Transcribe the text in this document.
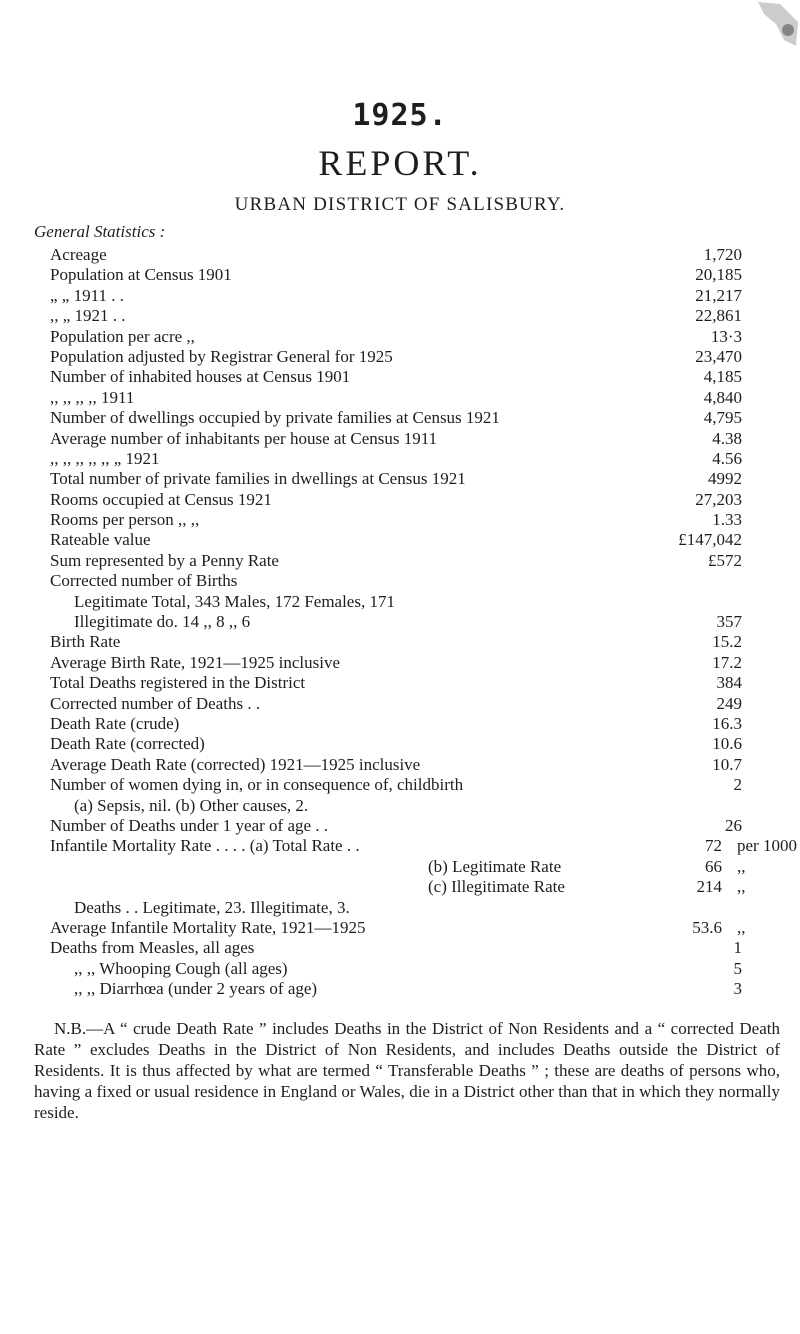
1925.
REPORT.
URBAN DISTRICT OF SALISBURY.
General Statistics :
Acreage	1,720
Population at Census 1901	20,185
„ „ 1911 . .	21,217
,, „ 1921 . .	22,861
Population per acre ,,	13·3
Population adjusted by Registrar General for 1925	23,470
Number of inhabited houses at Census 1901	4,185
,, ,, ,, ,, 1911	4,840
Number of dwellings occupied by private families at Census 1921	4,795
Average number of inhabitants per house at Census 1911	4.38
,, ,, ,, ,, ,, „ 1921	4.56
Total number of private families in dwellings at Census 1921	4992
Rooms occupied at Census 1921	27,203
Rooms per person ,, ,,	1.33
Rateable value	£147,042
Sum represented by a Penny Rate	£572
Corrected number of Births
Legitimate Total, 343 Males, 172 Females, 171
Illegitimate do. 14 ,, 8 ,, 6	357
Birth Rate	15.2
Average Birth Rate, 1921—1925 inclusive	17.2
Total Deaths registered in the District	384
Corrected number of Deaths . .	249
Death Rate (crude)	16.3
Death Rate (corrected)	10.6
Average Death Rate (corrected) 1921—1925 inclusive	10.7
Number of women dying in, or in consequence of, childbirth	2
(a) Sepsis, nil. (b) Other causes, 2.
Number of Deaths under 1 year of age . .	26
Infantile Mortality Rate . . . . (a) Total Rate . .	72 per 1000
(b) Legitimate Rate	66 ,,
(c) Illegitimate Rate	214 ,,
Deaths . . Legitimate, 23. Illegitimate, 3.
Average Infantile Mortality Rate, 1921—1925	53.6 ,,
Deaths from Measles, all ages	1
,, ,, Whooping Cough (all ages)	5
,, ,, Diarrhœa (under 2 years of age)	3

N.B.—A “ crude Death Rate ” includes Deaths in the District of Non Residents and a “ corrected Death Rate ” excludes Deaths in the District of Non Residents, and includes Deaths outside the District of Residents. It is thus affected by what are termed “ Transferable Deaths ” ; these are deaths of persons who, having a fixed or usual residence in England or Wales, die in a District other than that in which they normally reside.
